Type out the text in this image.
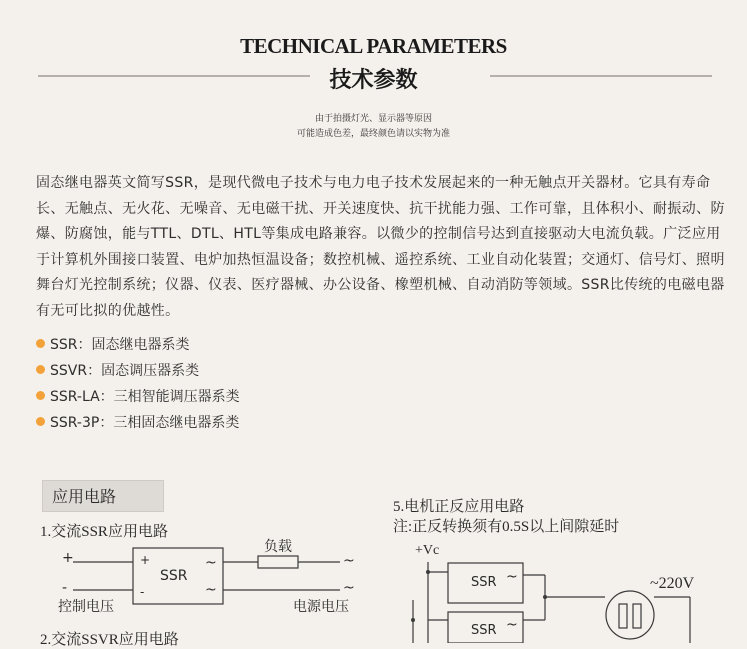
TECHNICAL PARAMETERS
技术参数
由于拍摄灯光、显示器等原因
可能造成色差，最终颜色请以实物为准
固态继电器英文简写SSR，是现代微电子技术与电力电子技术发展起来的一种无触点开关器材。它具有寿命长、无触点、无火花、无噪音、无电磁干扰、开关速度快、抗干扰能力强、工作可靠，且体积小、耐振动、防爆、防腐蚀，能与TTL、DTL、HTL等集成电路兼容。以微少的控制信号达到直接驱动大电流负载。广泛应用于计算机外围接口装置、电炉加热恒温设备；数控机械、遥控系统、工业自动化装置；交通灯、信号灯、照明舞台灯光控制系统；仪器、仪表、医疗器械、办公设备、橡塑机械、自动消防等领域。SSR比传统的电磁电器有无可比拟的优越性。
SSR：固态继电器系类
SSVR：固态调压器系类
SSR-LA：三相智能调压器系类
SSR-3P：三相固态继电器系类
应用电路
1.交流SSR应用电路
+
-
+
-
SSR
~
~
负载
~
~
控制电压	电源电压
2.交流SSVR应用电路
5.电机正反应用电路
注:正反转换须有0.5S以上间隙延时
+Vc
SSR ~
SSR ~
~220V
